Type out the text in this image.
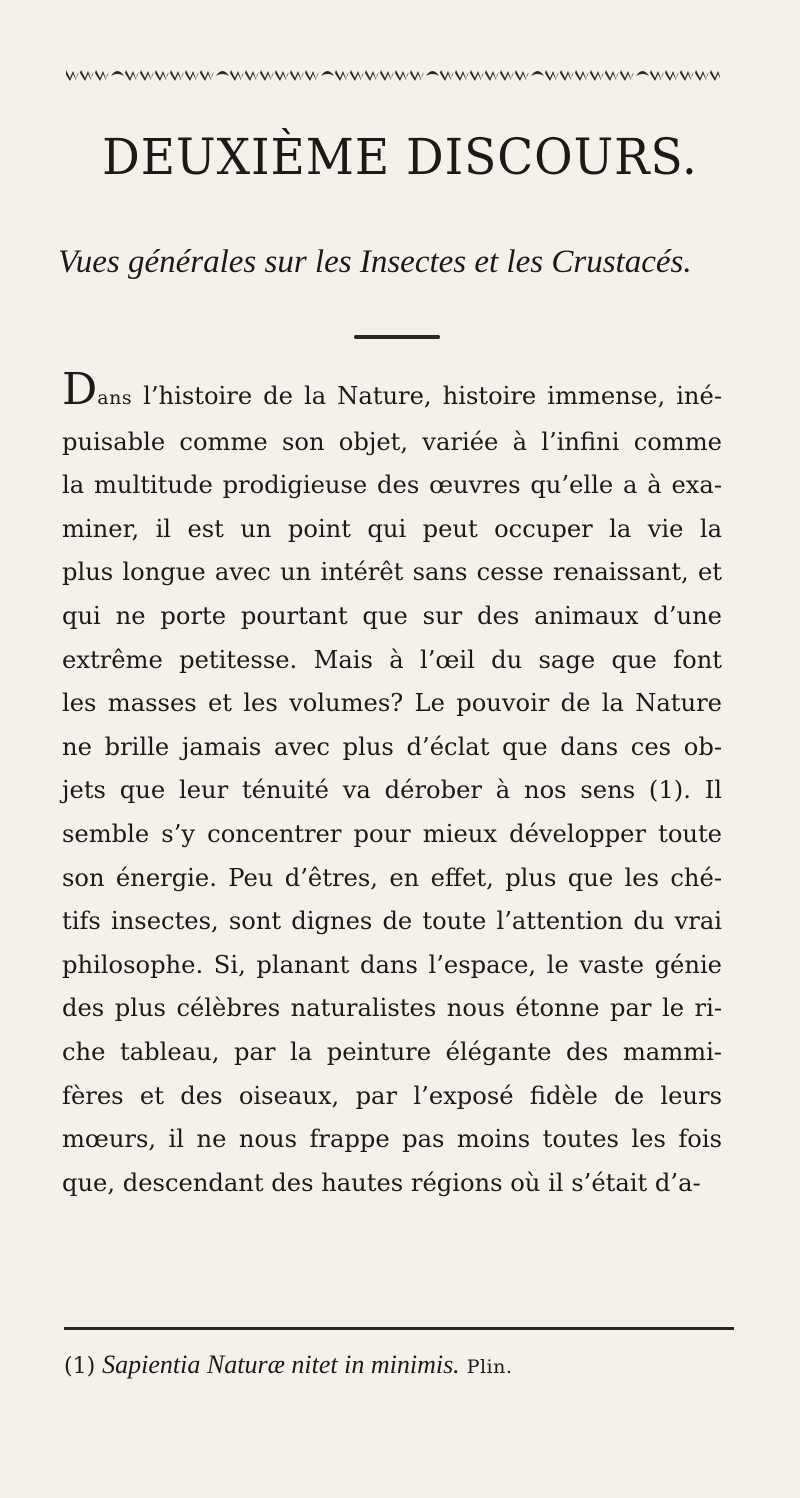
DEUXIÈME DISCOURS.
Vues générales sur les Insectes et les Crustacés.
Dans l’histoire de la Nature, histoire immense, iné-
puisable comme son objet, variée à l’infini comme
la multitude prodigieuse des œuvres qu’elle a à exa-
miner, il est un point qui peut occuper la vie la
plus longue avec un intérêt sans cesse renaissant, et
qui ne porte pourtant que sur des animaux d’une
extrême petitesse. Mais à l’œil du sage que font
les masses et les volumes? Le pouvoir de la Nature
ne brille jamais avec plus d’éclat que dans ces ob-
jets que leur ténuité va dérober à nos sens (1). Il
semble s’y concentrer pour mieux développer toute
son énergie. Peu d’êtres, en effet, plus que les ché-
tifs insectes, sont dignes de toute l’attention du vrai
philosophe. Si, planant dans l’espace, le vaste génie
des plus célèbres naturalistes nous étonne par le ri-
che tableau, par la peinture élégante des mammi-
fères et des oiseaux, par l’exposé fidèle de leurs
mœurs, il ne nous frappe pas moins toutes les fois
que, descendant des hautes régions où il s’était d’a-
(1) Sapientia Naturæ nitet in minimis. Plin.
